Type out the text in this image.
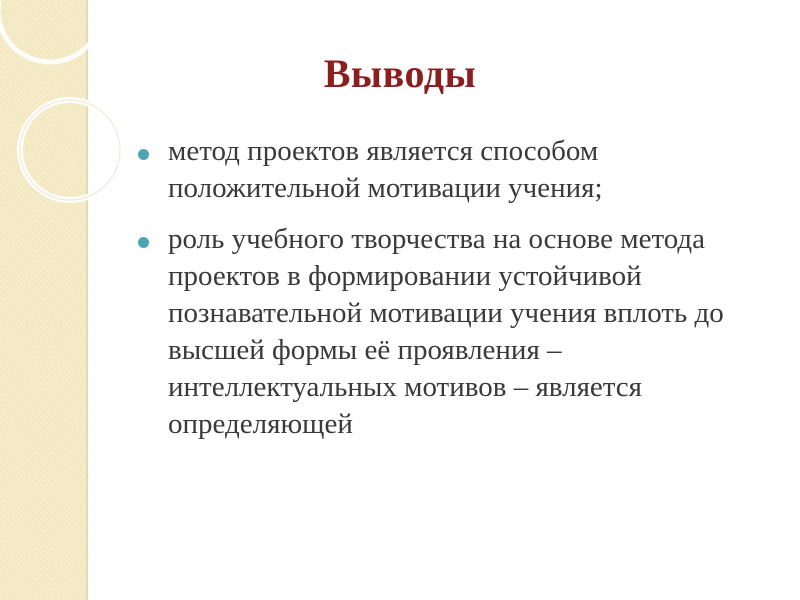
Выводы
метод проектов является способом положительной мотивации учения;
роль учебного творчества на основе метода проектов в формировании устойчивой познавательной мотивации учения вплоть до высшей формы её проявления – интеллектуальных мотивов – является определяющей
